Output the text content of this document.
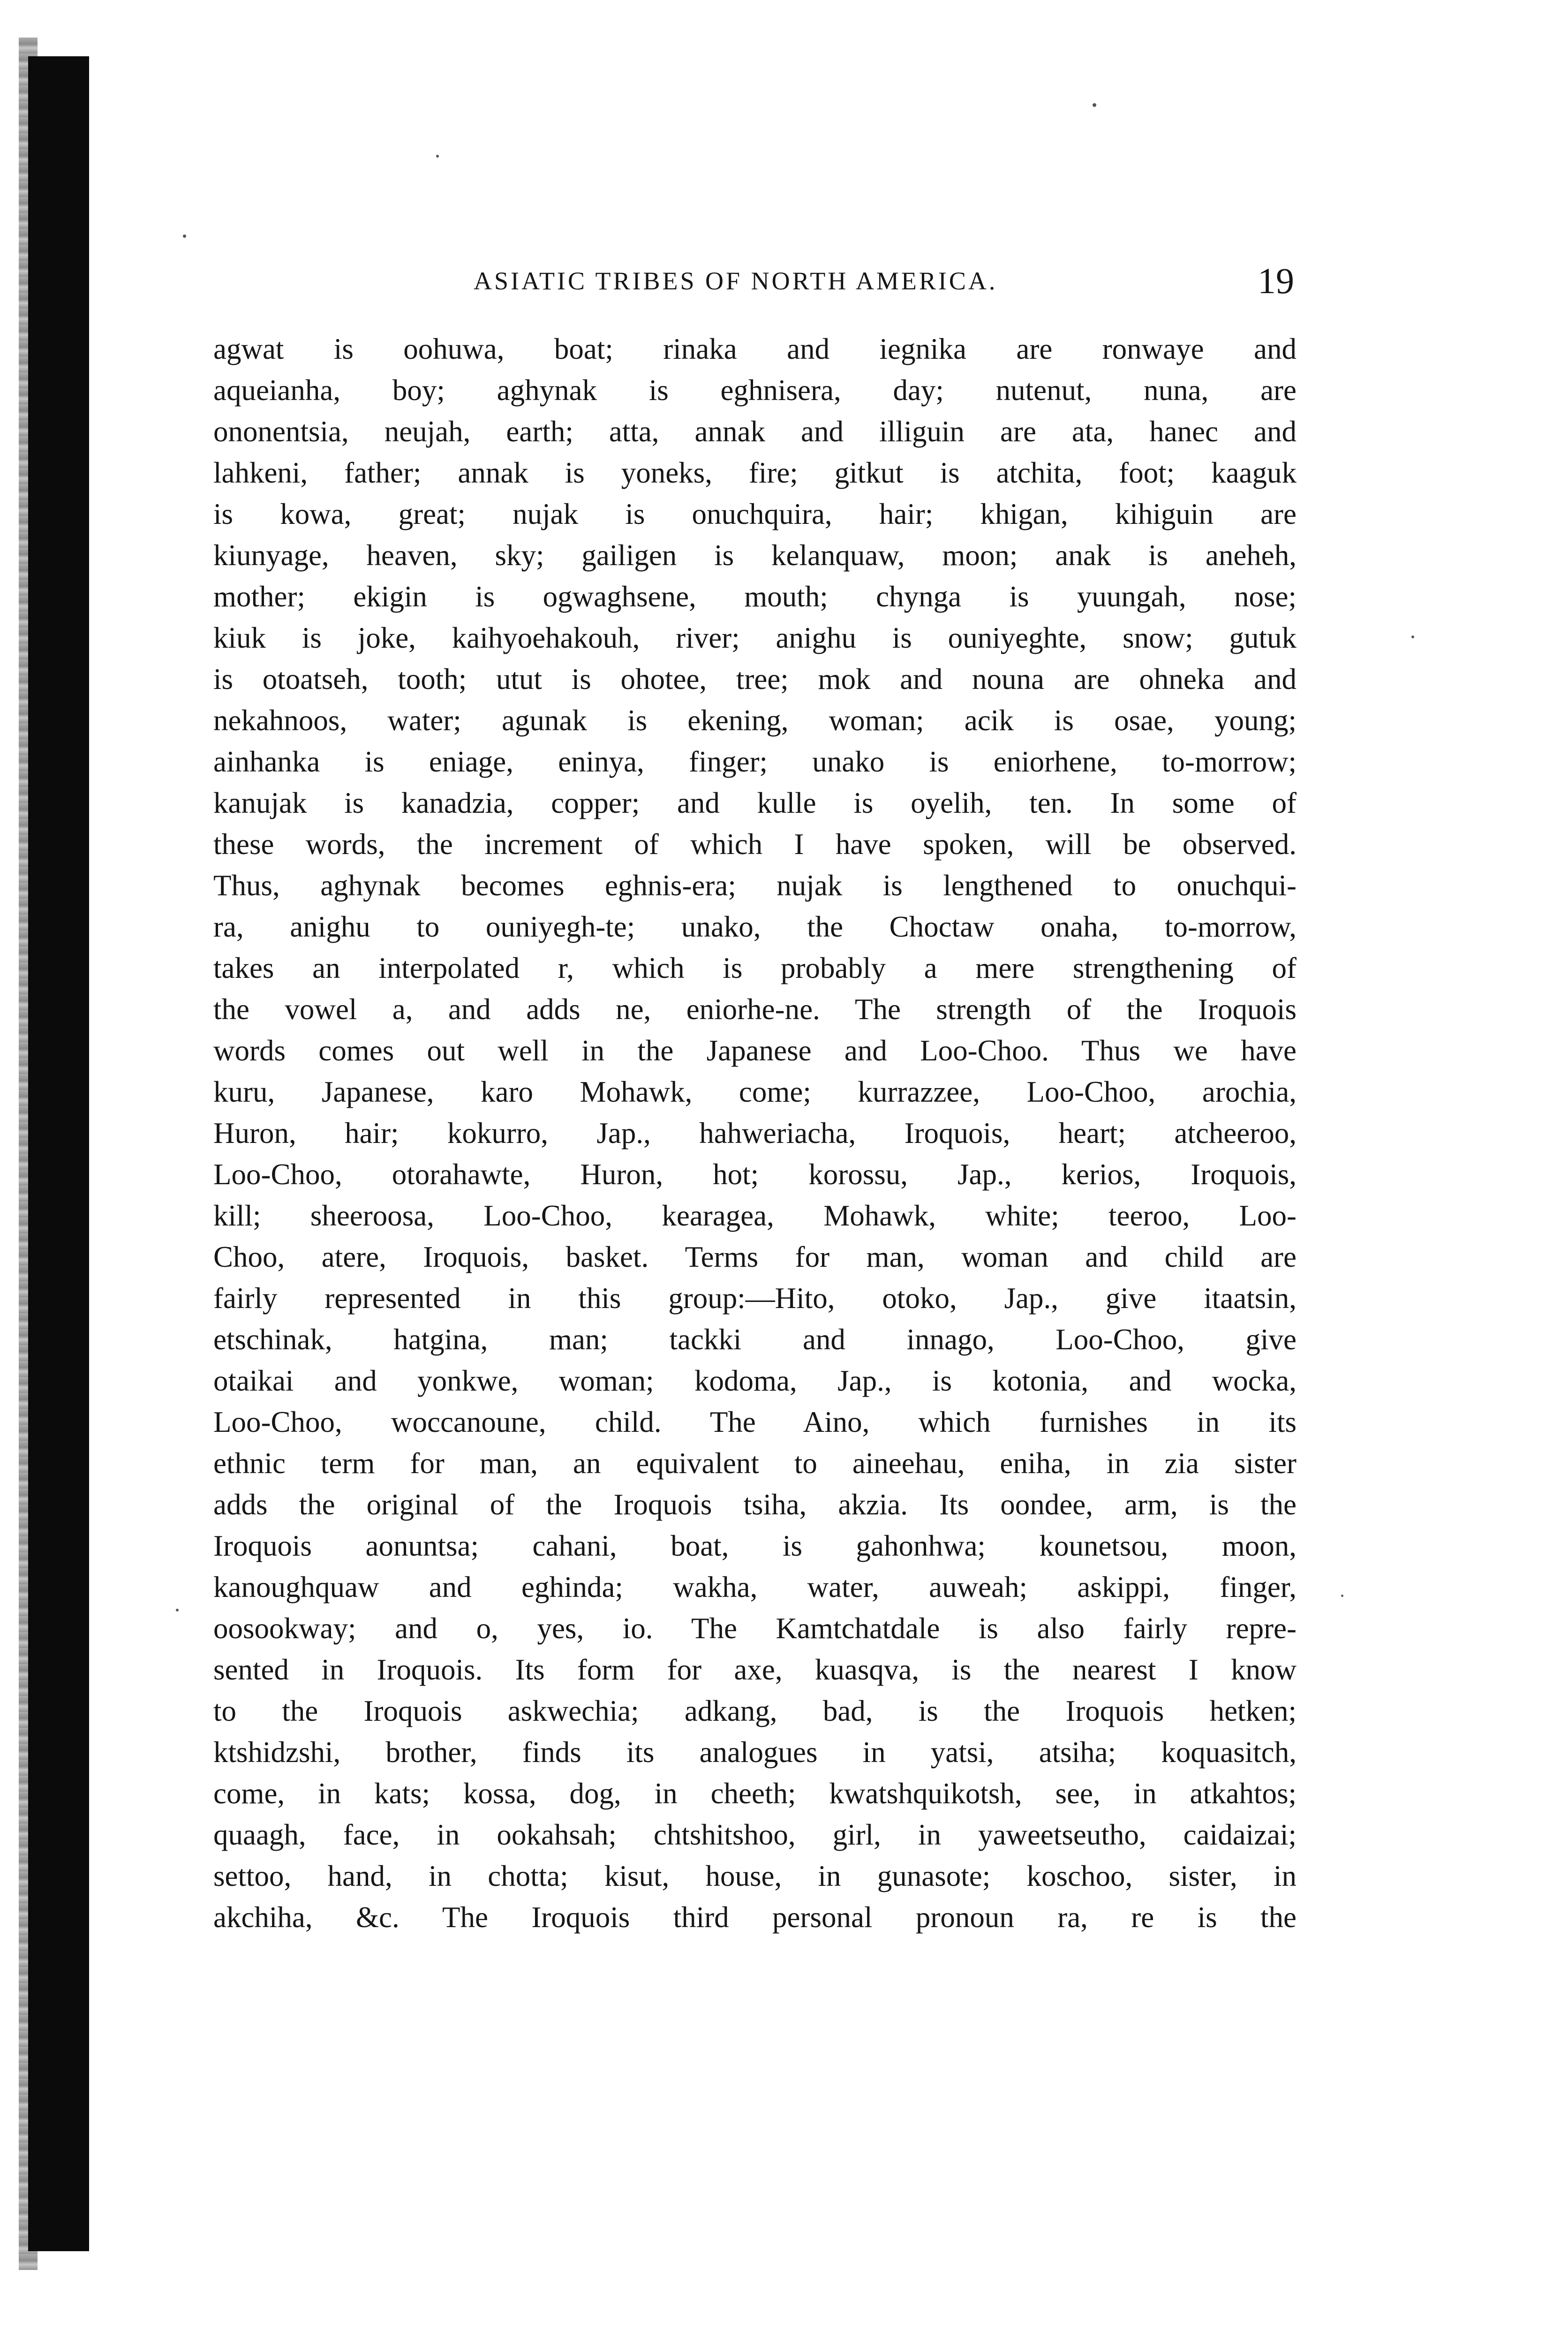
ASIATIC TRIBES OF NORTH AMERICA.	19
agwat is oohuwa, boat; rinaka and iegnika are ronwaye and
aqueianha, boy; aghynak is eghnisera, day; nutenut, nuna, are
ononentsia, neujah, earth; atta, annak and illiguin are ata, hanec and
lahkeni, father; annak is yoneks, fire; gitkut is atchita, foot; kaaguk
is kowa, great; nujak is onuchquira, hair; khigan, kihiguin are
kiunyage, heaven, sky; gailigen is kelanquaw, moon; anak is aneheh,
mother; ekigin is ogwaghsene, mouth; chynga is yuungah, nose;
kiuk is joke, kaihyoehakouh, river; anighu is ouniyeghte, snow; gutuk
is otoatseh, tooth; utut is ohotee, tree; mok and nouna are ohneka and
nekahnoos, water; agunak is ekening, woman; acik is osae, young;
ainhanka is eniage, eninya, finger; unako is eniorhene, to-morrow;
kanujak is kanadzia, copper; and kulle is oyelih, ten. In some of
these words, the increment of which I have spoken, will be observed.
Thus, aghynak becomes eghnis-era; nujak is lengthened to onuchqui-
ra, anighu to ouniyegh-te; unako, the Choctaw onaha, to-morrow,
takes an interpolated r, which is probably a mere strengthening of
the vowel a, and adds ne, eniorhe-ne. The strength of the Iroquois
words comes out well in the Japanese and Loo-Choo. Thus we have
kuru, Japanese, karo Mohawk, come; kurrazzee, Loo-Choo, arochia,
Huron, hair; kokurro, Jap., hahweriacha, Iroquois, heart; atcheeroo,
Loo-Choo, otorahawte, Huron, hot; korossu, Jap., kerios, Iroquois,
kill; sheeroosa, Loo-Choo, kearagea, Mohawk, white; teeroo, Loo-
Choo, atere, Iroquois, basket. Terms for man, woman and child are
fairly represented in this group:—Hito, otoko, Jap., give itaatsin,
etschinak, hatgina, man; tackki and innago, Loo-Choo, give
otaikai and yonkwe, woman; kodoma, Jap., is kotonia, and wocka,
Loo-Choo, woccanoune, child. The Aino, which furnishes in its
ethnic term for man, an equivalent to aineehau, eniha, in zia sister
adds the original of the Iroquois tsiha, akzia. Its oondee, arm, is the
Iroquois aonuntsa; cahani, boat, is gahonhwa; kounetsou, moon,
kanoughquaw and eghinda; wakha, water, auweah; askippi, finger,
oosookway; and o, yes, io. The Kamtchatdale is also fairly repre-
sented in Iroquois. Its form for axe, kuasqva, is the nearest I know
to the Iroquois askwechia; adkang, bad, is the Iroquois hetken;
ktshidzshi, brother, finds its analogues in yatsi, atsiha; koquasitch,
come, in kats; kossa, dog, in cheeth; kwatshquikotsh, see, in atkahtos;
quaagh, face, in ookahsah; chtshitshoo, girl, in yaweetseutho, caidaizai;
settoo, hand, in chotta; kisut, house, in gunasote; koschoo, sister, in
akchiha, &c. The Iroquois third personal pronoun ra, re is the
